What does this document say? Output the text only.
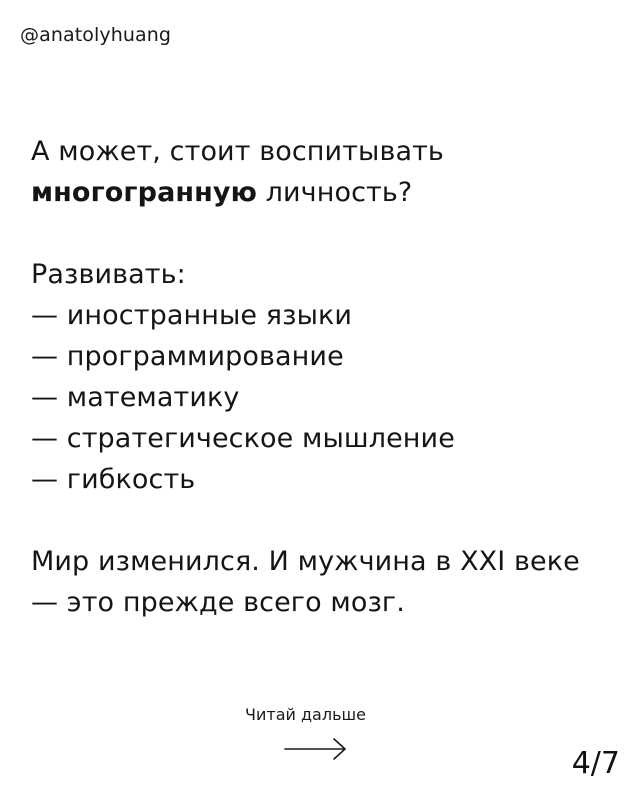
@anatolyhuang
А может, стоит воспитывать
многогранную личность?
Развивать:
— иностранные языки
— программирование
— математику
— стратегическое мышление
— гибкость
Мир изменился. И мужчина в XXI веке
— это прежде всего мозг.
Читай дальше
4/7
